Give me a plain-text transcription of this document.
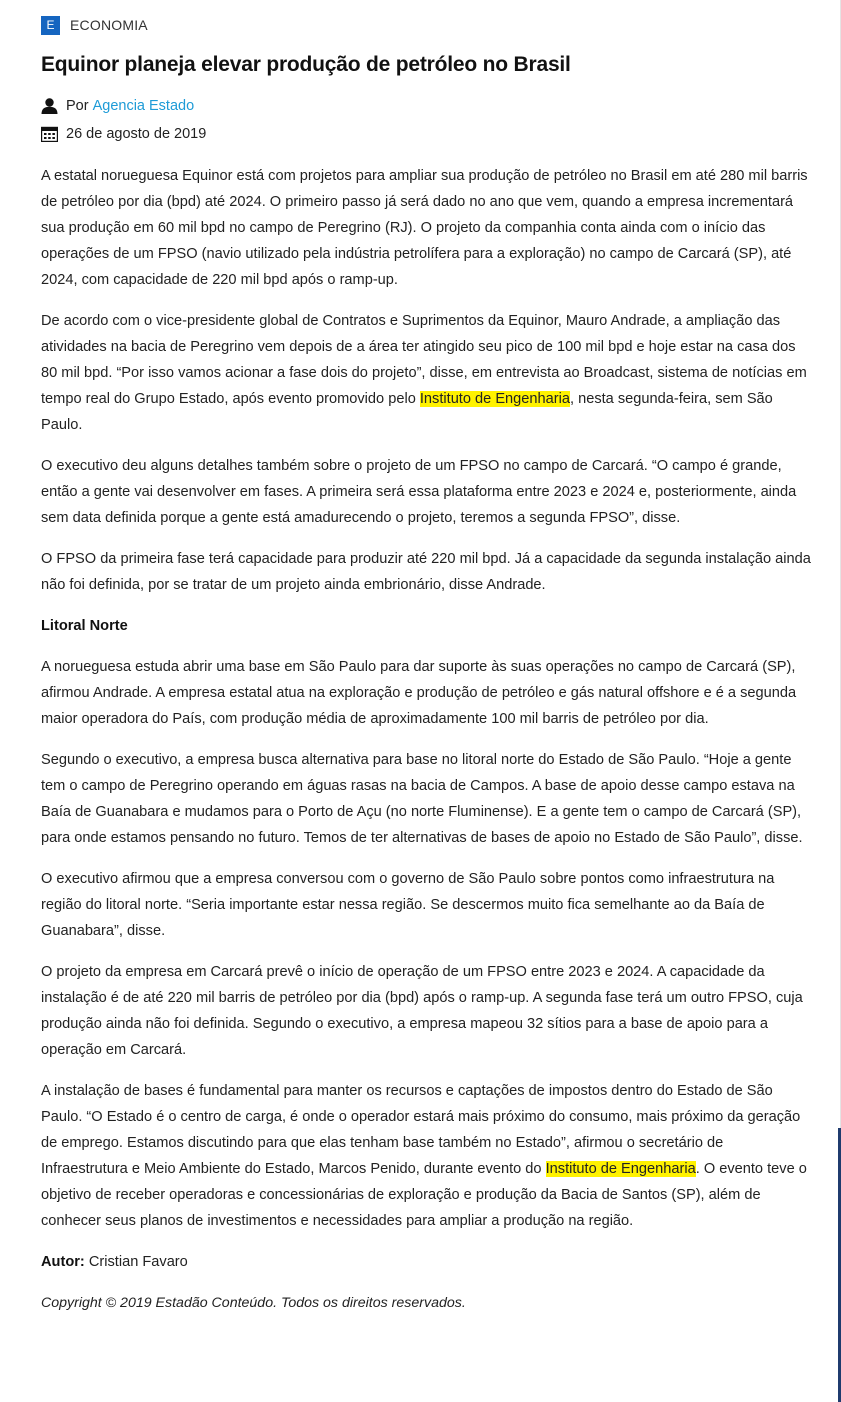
E	ECONOMIA
Equinor planeja elevar produção de petróleo no Brasil
Por Agencia Estado
26 de agosto de 2019

A estatal norueguesa Equinor está com projetos para ampliar sua produção de petróleo no Brasil em até 280 mil barris de petróleo por dia (bpd) até 2024. O primeiro passo já será dado no ano que vem, quando a empresa incrementará sua produção em 60 mil bpd no campo de Peregrino (RJ). O projeto da companhia conta ainda com o início das operações de um FPSO (navio utilizado pela indústria petrolífera para a exploração) no campo de Carcará (SP), até 2024, com capacidade de 220 mil bpd após o ramp-up.

De acordo com o vice-presidente global de Contratos e Suprimentos da Equinor, Mauro Andrade, a ampliação das atividades na bacia de Peregrino vem depois de a área ter atingido seu pico de 100 mil bpd e hoje estar na casa dos 80 mil bpd. “Por isso vamos acionar a fase dois do projeto”, disse, em entrevista ao Broadcast, sistema de notícias em tempo real do Grupo Estado, após evento promovido pelo Instituto de Engenharia, nesta segunda-feira, sem São Paulo.

O executivo deu alguns detalhes também sobre o projeto de um FPSO no campo de Carcará. “O campo é grande, então a gente vai desenvolver em fases. A primeira será essa plataforma entre 2023 e 2024 e, posteriormente, ainda sem data definida porque a gente está amadurecendo o projeto, teremos a segunda FPSO”, disse.

O FPSO da primeira fase terá capacidade para produzir até 220 mil bpd. Já a capacidade da segunda instalação ainda não foi definida, por se tratar de um projeto ainda embrionário, disse Andrade.

Litoral Norte

A norueguesa estuda abrir uma base em São Paulo para dar suporte às suas operações no campo de Carcará (SP), afirmou Andrade. A empresa estatal atua na exploração e produção de petróleo e gás natural offshore e é a segunda maior operadora do País, com produção média de aproximadamente 100 mil barris de petróleo por dia.

Segundo o executivo, a empresa busca alternativa para base no litoral norte do Estado de São Paulo. “Hoje a gente tem o campo de Peregrino operando em águas rasas na bacia de Campos. A base de apoio desse campo estava na Baía de Guanabara e mudamos para o Porto de Açu (no norte Fluminense). E a gente tem o campo de Carcará (SP), para onde estamos pensando no futuro. Temos de ter alternativas de bases de apoio no Estado de São Paulo”, disse.

O executivo afirmou que a empresa conversou com o governo de São Paulo sobre pontos como infraestrutura na região do litoral norte. “Seria importante estar nessa região. Se descermos muito fica semelhante ao da Baía de Guanabara”, disse.

O projeto da empresa em Carcará prevê o início de operação de um FPSO entre 2023 e 2024. A capacidade da instalação é de até 220 mil barris de petróleo por dia (bpd) após o ramp-up. A segunda fase terá um outro FPSO, cuja produção ainda não foi definida. Segundo o executivo, a empresa mapeou 32 sítios para a base de apoio para a operação em Carcará.

A instalação de bases é fundamental para manter os recursos e captações de impostos dentro do Estado de São Paulo. “O Estado é o centro de carga, é onde o operador estará mais próximo do consumo, mais próximo da geração de emprego. Estamos discutindo para que elas tenham base também no Estado”, afirmou o secretário de Infraestrutura e Meio Ambiente do Estado, Marcos Penido, durante evento do Instituto de Engenharia. O evento teve o objetivo de receber operadoras e concessionárias de exploração e produção da Bacia de Santos (SP), além de conhecer seus planos de investimentos e necessidades para ampliar a produção na região.

Autor: Cristian Favaro

Copyright © 2019 Estadão Conteúdo. Todos os direitos reservados.
